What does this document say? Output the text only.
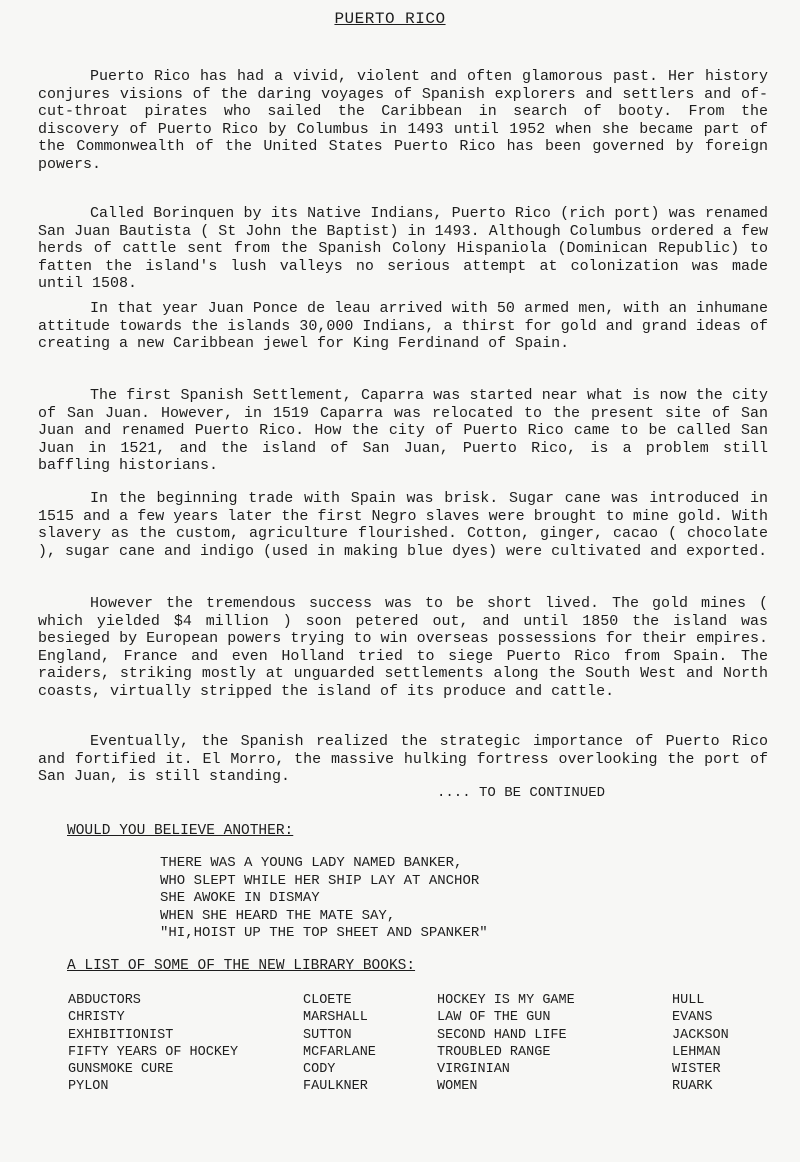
PUERTO RICO

Puerto Rico has had a vivid, violent and often glamorous past. Her history conjures visions of the daring voyages of Spanish explorers and settlers and of-cut-throat pirates who sailed the Caribbean in search of booty. From the discovery of Puerto Rico by Columbus in 1493 until 1952 when she became part of the Commonwealth of the United States Puerto Rico has been governed by foreign powers.

Called Borinquen by its Native Indians, Puerto Rico (rich port) was renamed San Juan Bautista ( St John the Baptist) in 1493. Although Columbus ordered a few herds of cattle sent from the Spanish Colony Hispaniola (Dominican Republic) to fatten the island's lush valleys no serious attempt at colonization was made until 1508.

In that year Juan Ponce de leau arrived with 50 armed men, with an inhumane attitude towards the islands 30,000 Indians, a thirst for gold and grand ideas of creating a new Caribbean jewel for King Ferdinand of Spain.

The first Spanish Settlement, Caparra was started near what is now the city of San Juan. However, in 1519 Caparra was relocated to the present site of San Juan and renamed Puerto Rico. How the city of Puerto Rico came to be called San Juan in 1521, and the island of San Juan, Puerto Rico, is a problem still baffling historians.

In the beginning trade with Spain was brisk. Sugar cane was introduced in 1515 and a few years later the first Negro slaves were brought to mine gold. With slavery as the custom, agriculture flourished. Cotton, ginger, cacao ( chocolate ), sugar cane and indigo (used in making blue dyes) were cultivated and exported.

However the tremendous success was to be short lived. The gold mines ( which yielded $4 million ) soon petered out, and until 1850 the island was besieged by European powers trying to win overseas possessions for their empires. England, France and even Holland tried to siege Puerto Rico from Spain. The raiders, striking mostly at unguarded settlements along the South West and North coasts, virtually stripped the island of its produce and cattle.

Eventually, the Spanish realized the strategic importance of Puerto Rico and fortified it. El Morro, the massive hulking fortress overlooking the port of San Juan, is still standing.

.... TO BE CONTINUED
WOULD YOU BELIEVE ANOTHER:
THERE WAS A YOUNG LADY NAMED BANKER,
WHO SLEPT WHILE HER SHIP LAY AT ANCHOR
SHE AWOKE IN DISMAY
WHEN SHE HEARD THE MATE SAY,
"HI,HOIST UP THE TOP SHEET AND SPANKER"
A LIST OF SOME OF THE NEW LIBRARY BOOKS:
ABDUCTORS
CHRISTY
EXHIBITIONIST
FIFTY YEARS OF HOCKEY
GUNSMOKE CURE
PYLON
CLOETE
MARSHALL
SUTTON
MCFARLANE
CODY
FAULKNER
HOCKEY IS MY GAME
LAW OF THE GUN
SECOND HAND LIFE
TROUBLED RANGE
VIRGINIAN
WOMEN
HULL
EVANS
JACKSON
LEHMAN
WISTER
RUARK
